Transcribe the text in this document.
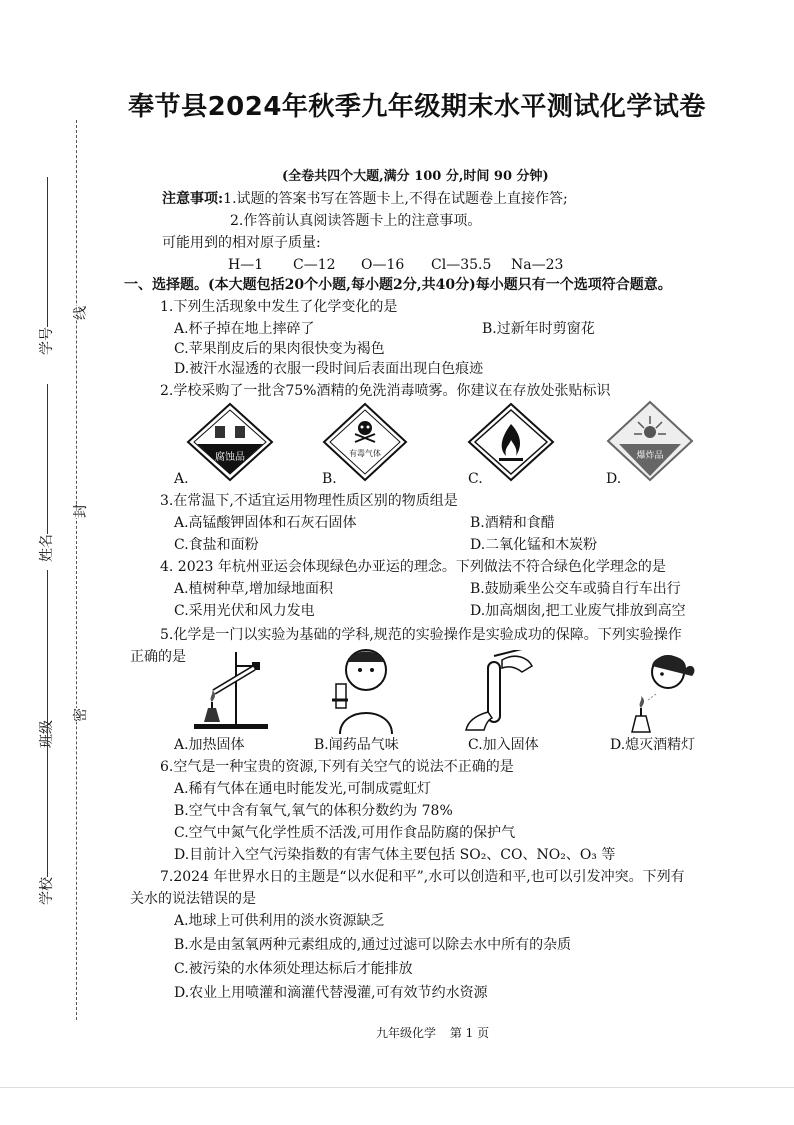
学号
姓名
班级
学校
线
封
密
奉节县2024年秋季九年级期末水平测试化学试卷
(全卷共四个大题,满分 100 分,时间 90 分钟)
注意事项:1.试题的答案书写在答题卡上,不得在试题卷上直接作答;
2.作答前认真阅读答题卡上的注意事项。
可能用到的相对原子质量:
H—1 C—12 O—16 Cl—35.5 Na—23
一、选择题。(本大题包括20个小题,每小题2分,共40分)每小题只有一个选项符合题意。
1.下列生活现象中发生了化学变化的是
A.杯子掉在地上摔碎了	B.过新年时剪窗花
C.苹果削皮后的果肉很快变为褐色
D.被汗水湿透的衣服一段时间后表面出现白色痕迹
2.学校采购了一批含75%酒精的免洗消毒喷雾。你建议在存放处张贴标识
腐蚀品
A.
有毒气体
B.	C.
爆炸品
D.
3.在常温下,不适宜运用物理性质区别的物质组是
A.高锰酸钾固体和石灰石固体	B.酒精和食醋
C.食盐和面粉	D.二氧化锰和木炭粉
4. 2023 年杭州亚运会体现绿色办亚运的理念。下列做法不符合绿色化学理念的是
A.植树种草,增加绿地面积	B.鼓励乘坐公交车或骑自行车出行
C.采用光伏和风力发电	D.加高烟囱,把工业废气排放到高空
5.化学是一门以实验为基础的学科,规范的实验操作是实验成功的保障。下列实验操作
正确的是
A.加热固体	B.闻药品气味	C.加入固体	D.熄灭酒精灯
6.空气是一种宝贵的资源,下列有关空气的说法不正确的是
A.稀有气体在通电时能发光,可制成霓虹灯
B.空气中含有氧气,氧气的体积分数约为 78%
C.空气中氮气化学性质不活泼,可用作食品防腐的保护气
D.目前计入空气污染指数的有害气体主要包括 SO₂、CO、NO₂、O₃ 等
7.2024 年世界水日的主题是“以水促和平”,水可以创造和平,也可以引发冲突。下列有
关水的说法错误的是
A.地球上可供利用的淡水资源缺乏
B.水是由氢氧两种元素组成的,通过过滤可以除去水中所有的杂质
C.被污染的水体须处理达标后才能排放
D.农业上用喷灌和滴灌代替漫灌,可有效节约水资源
九年级化学 第 1 页
